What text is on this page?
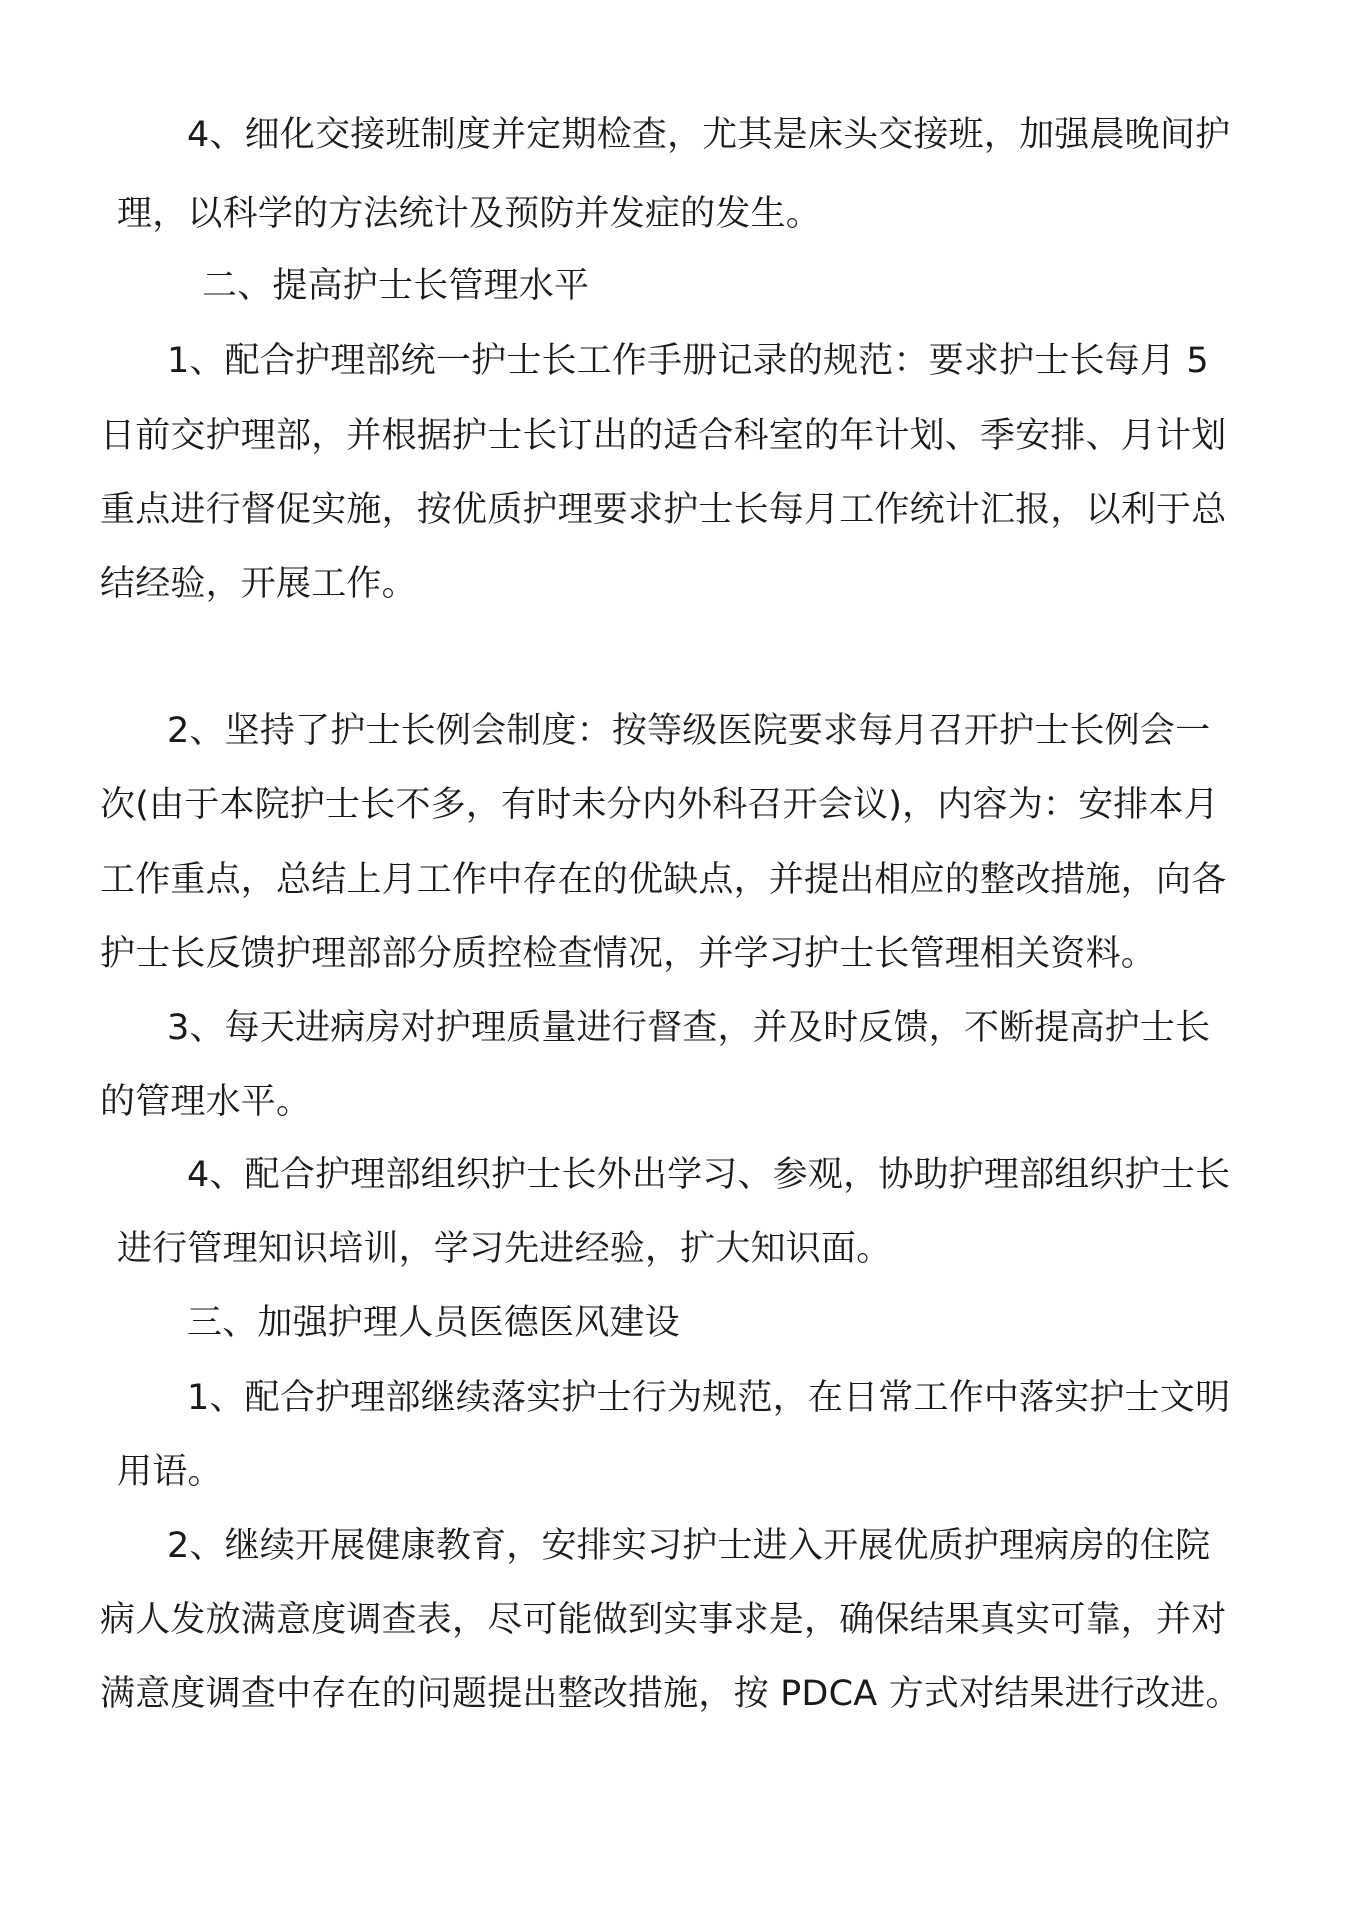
4、细化交接班制度并定期检查，尤其是床头交接班，加强晨晚间护
理，以科学的方法统计及预防并发症的发生。
二、提高护士长管理水平
1、配合护理部统一护士长工作手册记录的规范：要求护士长每月 5
日前交护理部，并根据护士长订出的适合科室的年计划、季安排、月计划
重点进行督促实施，按优质护理要求护士长每月工作统计汇报，以利于总
结经验，开展工作。
2、坚持了护士长例会制度：按等级医院要求每月召开护士长例会一
次(由于本院护士长不多，有时未分内外科召开会议)，内容为：安排本月
工作重点，总结上月工作中存在的优缺点，并提出相应的整改措施，向各
护士长反馈护理部部分质控检查情况，并学习护士长管理相关资料。
3、每天进病房对护理质量进行督查，并及时反馈，不断提高护士长
的管理水平。
4、配合护理部组织护士长外出学习、参观，协助护理部组织护士长
进行管理知识培训，学习先进经验，扩大知识面。
三、加强护理人员医德医风建设
1、配合护理部继续落实护士行为规范，在日常工作中落实护士文明
用语。
2、继续开展健康教育，安排实习护士进入开展优质护理病房的住院
病人发放满意度调查表，尽可能做到实事求是，确保结果真实可靠，并对
满意度调查中存在的问题提出整改措施，按 PDCA 方式对结果进行改进。
